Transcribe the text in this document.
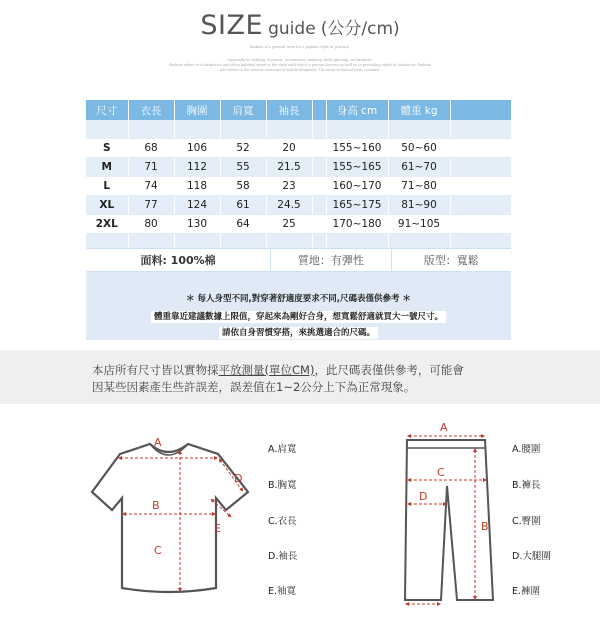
SIZE guide (公分/cm)
Fashion is a general term for a popular style or practice,
especially in clothing, footwear, accessories, makeup, body piercing, or furniture.
Fashion refers to a distinctive and often habitual trend in the style with which a person dresses as well as to prevailing styles in behaviour. Fashion
also refers to the newest creations of textile designers. The more technical term, costume.
尺寸	衣長	胸圍	肩寬	袖長		身高 cm	體重 kg	

S	68	106	52	20		155~160	50~60	
M	71	112	55	21.5		155~165	61~70	
L	74	118	58	23		160~170	71~80	
XL	77	124	61	24.5		165~175	81~90	
2XL	80	130	64	25		170~180	91~105	

面料: 100%棉	質地：有彈性	版型：寬鬆
＊ 每人身型不同,對穿著舒適度要求不同,尺碼表僅供參考 ＊
體重靠近建議數據上限值，穿起來為剛好合身，想寬鬆舒適就買大一號尺寸。
請依自身習慣穿搭，來挑選適合的尺碼。

本店所有尺寸皆以實物採平放測量(單位CM)，此尺碼表僅供參考，可能會

因某些因素產生些許誤差，誤差值在1~2公分上下為正常現象。

A
B
C
D
E
A.肩寬
B.胸寬
C.衣長
D.袖長
E.袖寬
A
C
D
B
A.腰圍
B.褲長
C.臀圍
D.大腿圍
E.褲圍
